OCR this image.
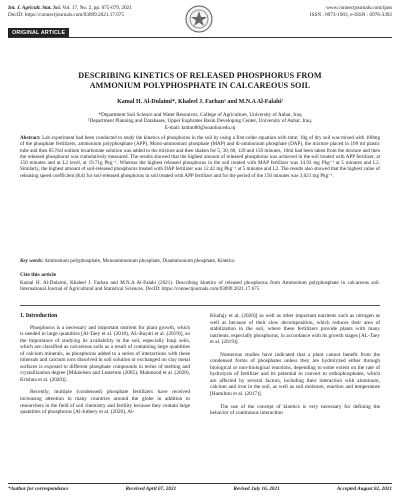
Int. J. Agricult. Stat. Sci. Vol. 17, No. 2, pp. 675-679, 2021
DocID: https://connectjournals.com/03899.2021.17.675
www.connectjournals.com/ijass
ISSN : 0973-1903, e-ISSN : 0976-3392
ORIGINAL ARTICLE
DESCRIBING KINETICS OF RELEASED PHOSPHORUS FROM
AMMONIUM POLYPHOSPHATE IN CALCAREOUS SOIL
Kamal H. Al-Dulaimi*, Khaleel J. Farhan¹ and M.N.A Al-Falahi²
*Department Soil Science and Water Resources, College of Agriculture, University of Anbar, Iraq
¹Department Planning and Databases, Upper Euphrates Basin Developing Center, University of Anbar, Iraq.
E-mail: kmhm80@uoanbar.edu.iq
Abstract: Lab experiment had been conducted to study the kinetics of phosphorus in the soil by using a first-order equation with time; 10g of dry soil was mixed with 100mg of the phosphate fertilizers, ammonium polyphosphate (APP), Mono-ammonium phosphate (MAP) and di-ammonium phosphate (DAP), the mixture placed in 100 ml plastic tube and then 05 Nof sodium bicarbonate solution was added to the mixture and then shaken for 5, 30, 60, 120 and 150 minutes, 10ml had been taken from the mixture and then the released phosphorus was cumulatively measured. The results showed that the highest amount of released phosphorus was achieved in the soil treated with APP fertilizer, at 150 minutes and at L2 level, at 19.71g Pkg⁻¹. Whereas the highest released phosphorus in the soil treated with MAP fertilizer was 14.93 mg Pkg⁻¹ at 5 minutes and L2. Similarly, the highest amount of soil-released phosphorus treated with DAP fertilizer was 12.42 mg Pkg⁻¹ at 5 minutes and L2. The results also showed that the highest value of releasing speed coefficient (Kd) for soil-released phosphorus in soil treated with APP fertilizer and for the period of the 150 minutes was 3,621 mg Pkg⁻¹.
Key words: Ammonium polyphosphate, Monoammonium phosphate, Diaammonium phosphate, Kinetics.
Cite this article
Kamal H. Al-Dulaimi, Khaleel J. Farhan and M.N.A Al-Falahi (2021). Describing kinetics of released phosphorus from Ammonium polyphosphate in calcareous soil. International Journal of Agricultural and Statistical Sciences. DocID: https://connectjournals.com/03899.2021.17.675
1. Introduction

Phosphorus is a necessary and important nutrient for plant growth, which is needed in large quantities [Al-Taey et al. (2018), AL-Bayati et al. (2019)], so the importance of studying its availability in the soil, especially Iraqi soils, which are classified as calcareous soils as a result of containing large quantities of calcium minerals, as phosphorus added to a series of interactions with these minerals and calcium ions dissolved in soil solution or exchanged on clay metal surfaces is exposed to different phosphate compounds in terms of melting and crystallization degree [Mikkelsen and Lesternm (2005), Mahmood et al. (2020), Krishna et al. (2020)].

Recently, multiple (condensed) phosphate fertilizers have received increasing attention in many countries around the globe in addition to researchers in the field of soil chemistry and fertility because they contain large quantities of phosphorus [Al-Juthery et al. (2020), Al-

Khafajy et al. (2020)] as well as other important nutrients such as nitrogen as well as because of their slow decomposition, which reduces their area of stabilization in the soil, where these fertilizers provide plants with many nutrients, especially phosphorus, in accordance with its growth stages [AL-Taey et al. (2019)].

Numerous studies have indicated that a plant cannot benefit from the condensed forms of phosphates unless they are hydrolyzed either through biological or non-biological reactions, depending to some extent on the rate of hydrolysis of fertilizer and its potential to convert to orthophosphates, which are affected by several factors, including their interaction with aluminum, calcium and iron in the soil, as well as soil moisture, reaction and temperature [Hamilton et al. (2017)].

The use of the concept of kinetics is very necessary for defining the behavior of continuous interaction

*Author for correspondence	Received April 07, 2021	Revised July 16, 2021	Accepted August 02, 2021
